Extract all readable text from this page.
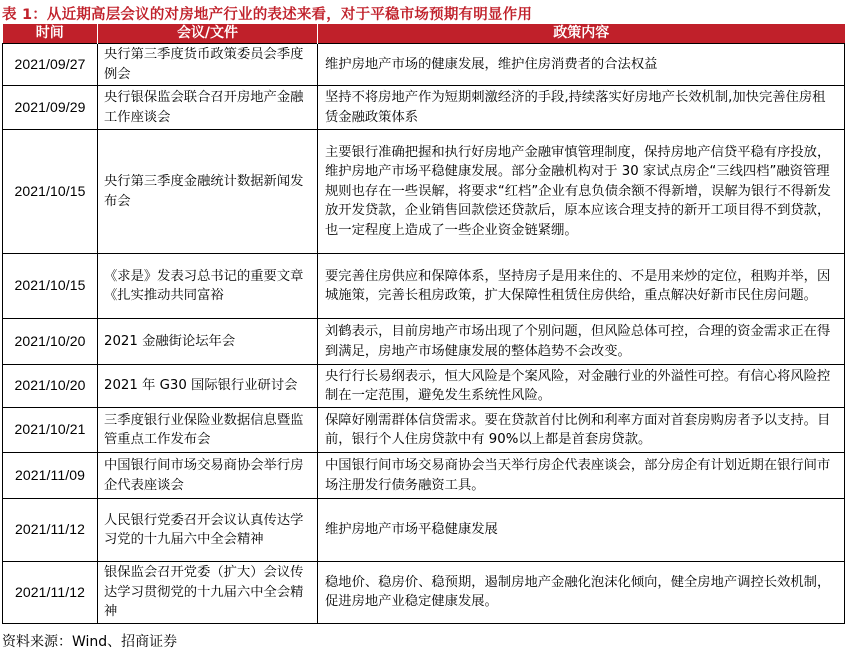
表 1：从近期高层会议的对房地产行业的表述来看，对于平稳市场预期有明显作用
时间	会议/文件	政策内容
2021/09/27	央行第三季度货币政策委员会季度例会	维护房地产市场的健康发展，维护住房消费者的合法权益
2021/09/29	央行银保监会联合召开房地产金融工作座谈会	坚持不将房地产作为短期刺激经济的手段,持续落实好房地产长效机制,加快完善住房租赁金融政策体系
2021/10/15	央行第三季度金融统计数据新闻发布会	主要银行准确把握和执行好房地产金融审慎管理制度，保持房地产信贷平稳有序投放，维护房地产市场平稳健康发展。部分金融机构对于 30 家试点房企“三线四档”融资管理规则也存在一些误解，将要求“红档”企业有息负债余额不得新增，误解为银行不得新发放开发贷款，企业销售回款偿还贷款后，原本应该合理支持的新开工项目得不到贷款，也一定程度上造成了一些企业资金链紧绷。
2021/10/15	《求是》发表习总书记的重要文章《扎实推动共同富裕	要完善住房供应和保障体系，坚持房子是用来住的、不是用来炒的定位，租购并举，因城施策，完善长租房政策，扩大保障性租赁住房供给，重点解决好新市民住房问题。
2021/10/20	2021 金融街论坛年会	刘鹤表示，目前房地产市场出现了个别问题，但风险总体可控，合理的资金需求正在得到满足，房地产市场健康发展的整体趋势不会改变。
2021/10/20	2021 年 G30 国际银行业研讨会	央行行长易纲表示，恒大风险是个案风险，对金融行业的外溢性可控。有信心将风险控制在一定范围，避免发生系统性风险。
2021/10/21	三季度银行业保险业数据信息暨监管重点工作发布会	保障好刚需群体信贷需求。要在贷款首付比例和利率方面对首套房购房者予以支持。目前，银行个人住房贷款中有 90%以上都是首套房贷款。
2021/11/09	中国银行间市场交易商协会举行房企代表座谈会	中国银行间市场交易商协会当天举行房企代表座谈会，部分房企有计划近期在银行间市场注册发行债务融资工具。
2021/11/12	人民银行党委召开会议认真传达学习党的十九届六中全会精神	维护房地产市场平稳健康发展
2021/11/12	银保监会召开党委（扩大）会议传达学习贯彻党的十九届六中全会精神	稳地价、稳房价、稳预期，遏制房地产金融化泡沫化倾向，健全房地产调控长效机制，促进房地产业稳定健康发展。
资料来源：Wind、招商证券
